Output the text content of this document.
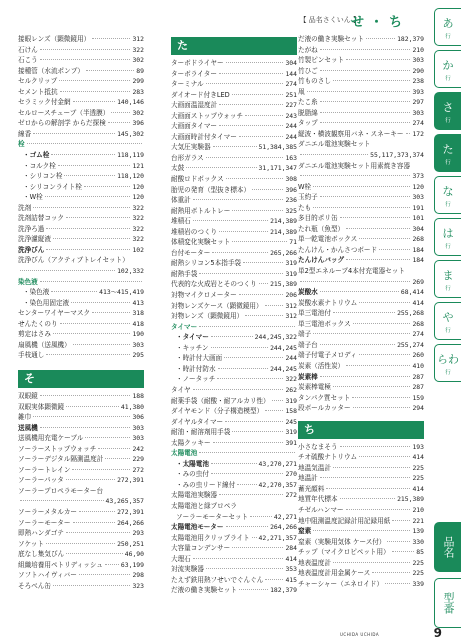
【 品名さくいん 】
せ・ち
接眼レンズ（顕微鏡用）	312
石けん	322
石こう	302
接種管（水流ポンプ）	89
セルクリップ	299
セメント抵抗	283
セラミック付金網	140,146
セルロースチューブ（半透膜）	302
ゼロからの解剖学 からだ探検	396
線香	145,302
栓
・ゴム栓	118,119
・コルク栓	121
・シリコン栓	118,120
・シリコンライト栓	120
・W栓	120
洗剤	322
洗剤詰替コック	322
洗浄ろ過	322
洗浄濾縦液	322
洗浄びん	102
洗浄びん（アクティブトレイセット）
102,332
染色液
・染色液	413～415,419
・染色用固定液	413
センターワイヤーマスク	318
せんたくのり	418
剪定はさみ	190
扇風機（送風機）	303
手枝通し	295
そ
双眼鏡	188
双眼実体顕微鏡	41,380
雑巾	306
送風機	303
送風機用充電ケーブル	303
ソーラーストップウォッチ	242
ソーラーデジタル隔測温度計	229
ソーラートレイン	272
ソーラーパッタ	272,391
ソーラープロペラモーター台
43,265,357
ソーラーメタルカー	272,391
ソーラーモーター	264,266
即熱ハンダゴテ	293
ソケット	250,251
底なし集気びん	46,90
組織培養用ペトリディッシュ	63,199
ソフトハイヴィバー	298
そろべん缶	323
た
ターボドライヤー	304
ターボライター	144
ターミナル	274
ダイオード付きLED	251
大画面温湿度計	227
大画面ストップウォッチ	243
大画面タイマー	244
大画面時計付タイマー	244
大気圧実験器	51,384,385
台形ガラス	163
太鼓	31,171,347
耐酸ロドボックス	308
胎児の発育（型抜き標本）	396
体重計	236
耐熱用ボトルトレー	325
堆積石	214,389
堆積岩のつくり	214,389
体積変化実験セット	71
台付モーター	265,266
耐熱シリコン5本指手袋	319
耐熱手袋	319
代表的な火成岩とそのつくり 215,389
対物マイクロメーター	206
対物レンズケース（顕微鏡用）	312
対物レンズ（顕微鏡用）	312
タイマー
・タイマー	244,245,322
・キッチン	244,245
・時計付大画面	244
・時計付防水	244,245
・ノータッチ	322
タイヤ	262
耐薬手袋（耐酸・耐アルカリ性） 319
ダイヤモンド（分子構造模型）	158
ダイヤルタイマー	245
耐油・耐溶剤用手袋	319
太陽クッキー	391
太陽電池
・太陽電池	43,270,271
・みの虫付	270
・みの虫リード線付	42,270,357
太陽電池実験器	272
太陽電池と緑プロペラ
ソーラーモーターセット	42,271
太陽電池モーター	264,266
太陽電池用クリップライト 42,271,357
大容量コンデンサー	284
大理石	414
対流実験器	353
たえず鉄用熱フせいでぐんぐん	415
だ液の働き実験セット	182,379
だ液の働き実験セット	182,379
たがね	210
竹製ピンセット	303
竹ひご	290
竹ものさし	238
凧	393
たこ糸	297
脱脂綿	303
タップ	274
縦波・横波観察用バネ・スネーキー 172
ダニエル電池実験セット
55,117,373,374
ダニエル電池実験セット用素焼き容器
373
W栓	120
玉約子	303
たも	191
多目的ポリ缶	101
たれ瓶（魚型）	304
単一乾電池ボックス	268
たんけん・かんさつボード	184
たんけんバッグ	184
単2型エネループ4本付充電器セット
269
炭酸水	68,414
炭酸水素ナトリウム	414
単三電池付	255,268
単三電池ボックス	268
端子	274
端子台	255,274
端子付電子メロディ	260
炭素（活性炭）	410
炭素棒	287
炭素棒電極	287
タンパク質セット	159
段ボールカッター	294
ち
小さなまそう	193
チオ硫酸ナトリウム	414
地温気温計	225
地温計	225
蓄光顔料	414
地質年代標本	215,389
チゼルハンマー	210
地中阻測温度記録計用記録用紙	221
窒素	139
窒素（実験用気体 ケース付）	330
チップ（マイクロピペット用）	85
地表温度計	225
地表温度計用金属ケース	225
チャーシャー（エネロイド）	339
あ
行
か
行
さ
行
た
行
な
行
は
行
ま
行
や
行
らわ
行
品名
型番
UCHIDA UCHIDA	9
